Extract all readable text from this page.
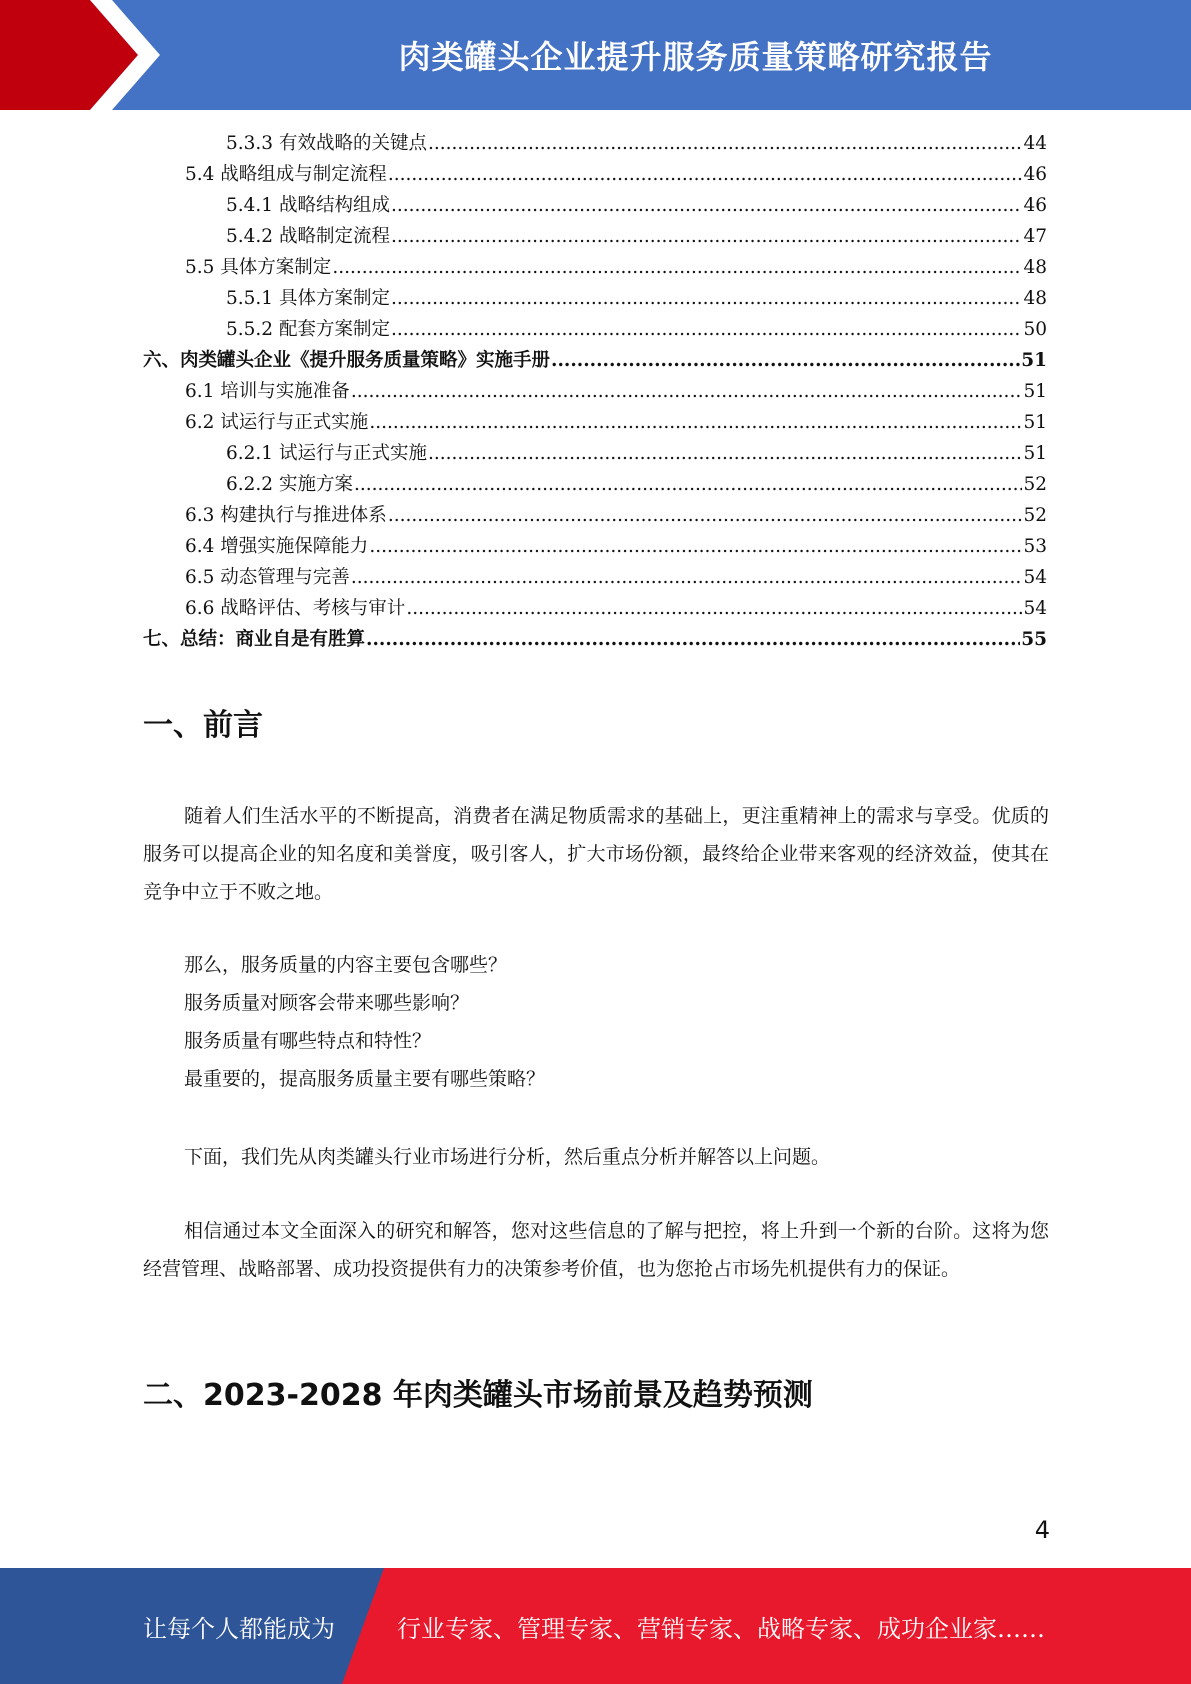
肉类罐头企业提升服务质量策略研究报告
5.3.3 有效战略的关键点 .....	44
5.4 战略组成与制定流程 .....	46
5.4.1 战略结构组成 .....	46
5.4.2 战略制定流程 .....	47
5.5 具体方案制定 .....	48
5.5.1 具体方案制定 .....	48
5.5.2 配套方案制定 .....	50
六、肉类罐头企业《提升服务质量策略》实施手册 .....	51
6.1 培训与实施准备 .....	51
6.2 试运行与正式实施 .....	51
6.2.1 试运行与正式实施 .....	51
6.2.2 实施方案 .....	52
6.3 构建执行与推进体系 .....	52
6.4 增强实施保障能力 .....	53
6.5 动态管理与完善 .....	54
6.6 战略评估、考核与审计 .....	54
七、总结：商业自是有胜算 .....	55
一、前言

随着人们生活水平的不断提高，消费者在满足物质需求的基础上，更注重精神上的需求与享受。优质的服务可以提高企业的知名度和美誉度，吸引客人，扩大市场份额，最终给企业带来客观的经济效益，使其在竞争中立于不败之地。

那么，服务质量的内容主要包含哪些？

服务质量对顾客会带来哪些影响？

服务质量有哪些特点和特性？

最重要的，提高服务质量主要有哪些策略？

下面，我们先从肉类罐头行业市场进行分析，然后重点分析并解答以上问题。

相信通过本文全面深入的研究和解答，您对这些信息的了解与把控，将上升到一个新的台阶。这将为您经营管理、战略部署、成功投资提供有力的决策参考价值，也为您抢占市场先机提供有力的保证。

二、2023-2028 年肉类罐头市场前景及趋势预测
4
让每个人都能成为	行业专家、管理专家、营销专家、战略专家、成功企业家……
